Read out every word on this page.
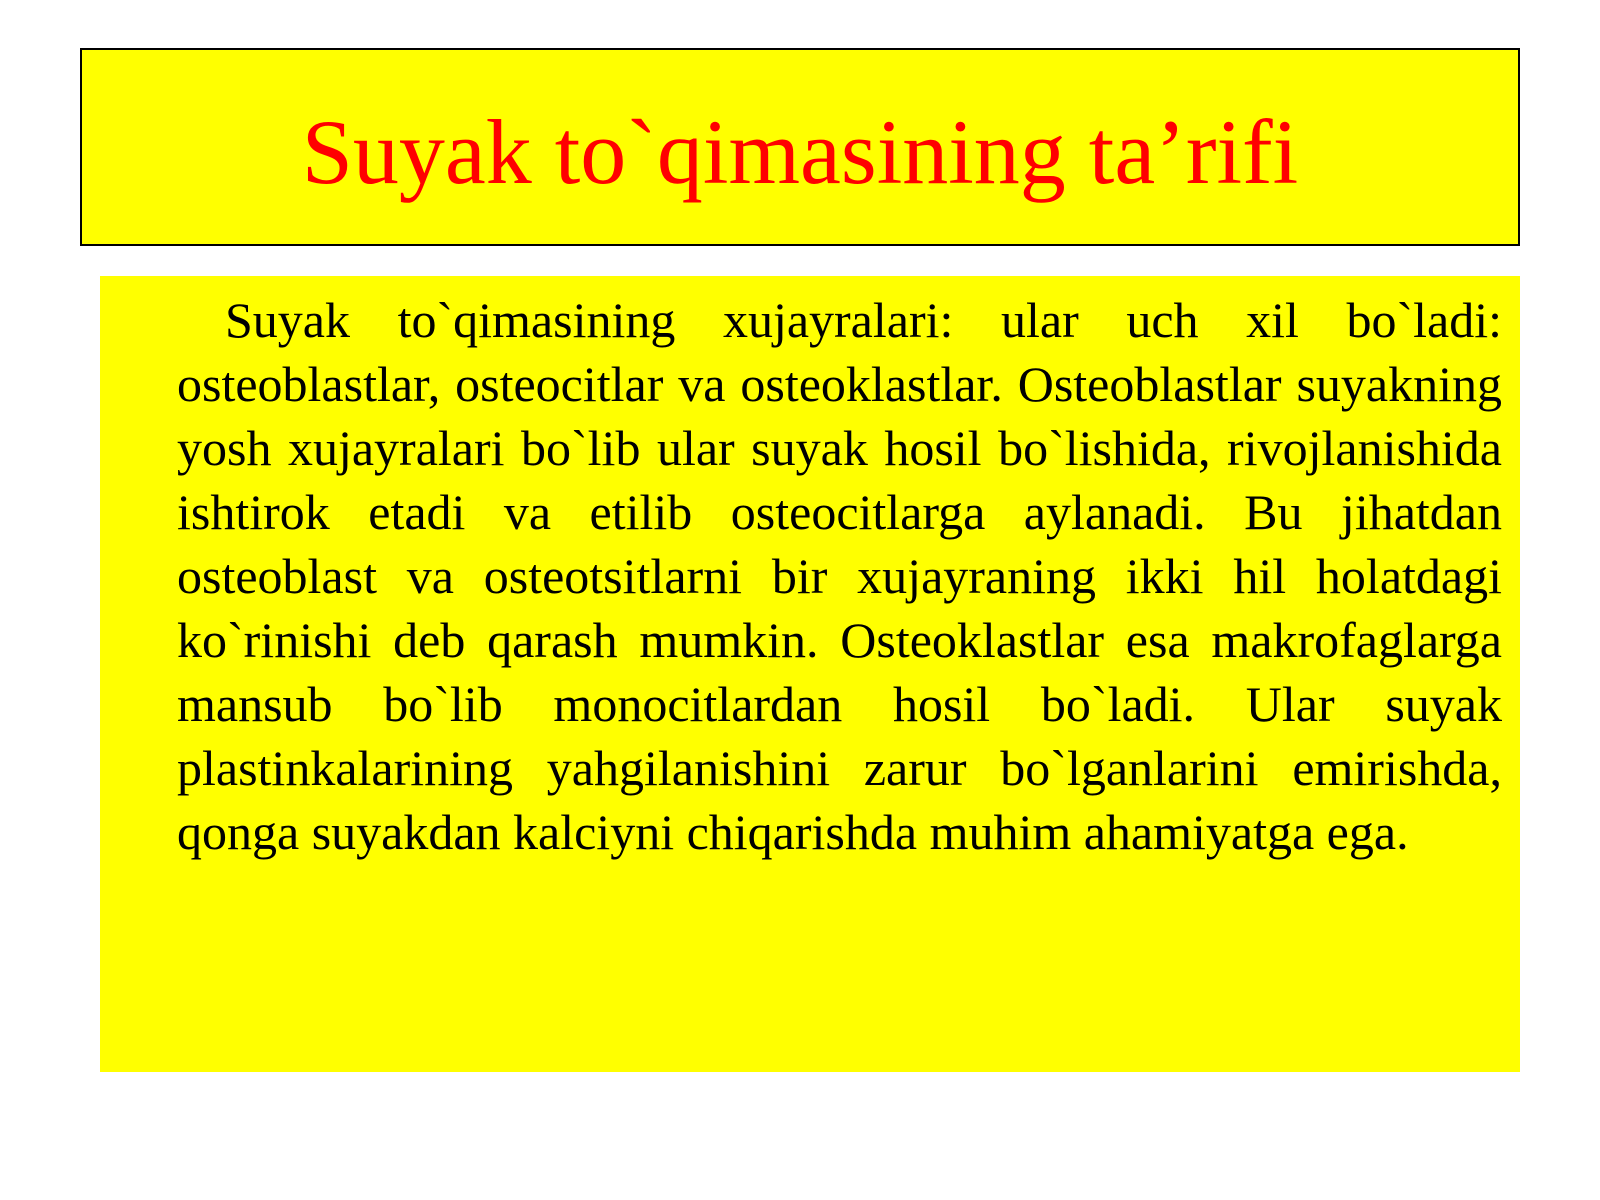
Suyak to`qimasining ta’rifi

Suyak to`qimasining xujayralari: ular uch xil bo`ladi: osteoblastlar, osteocitlar va osteoklastlar. Osteoblastlar suyakning yosh xujayralari bo`lib ular suyak hosil bo`lishida, rivojlanishida ishtirok etadi va etilib osteocitlarga aylanadi. Bu jihatdan osteoblast va osteotsitlarni bir xujayraning ikki hil holatdagi ko`rinishi deb qarash mumkin. Osteoklastlar esa makrofaglarga mansub bo`lib monocitlardan hosil bo`ladi. Ular suyak plastinkalarining yahgilanishini zarur bo`lganlarini emirishda, qonga suyakdan kalciyni chiqarishda muhim ahamiyatga ega.
